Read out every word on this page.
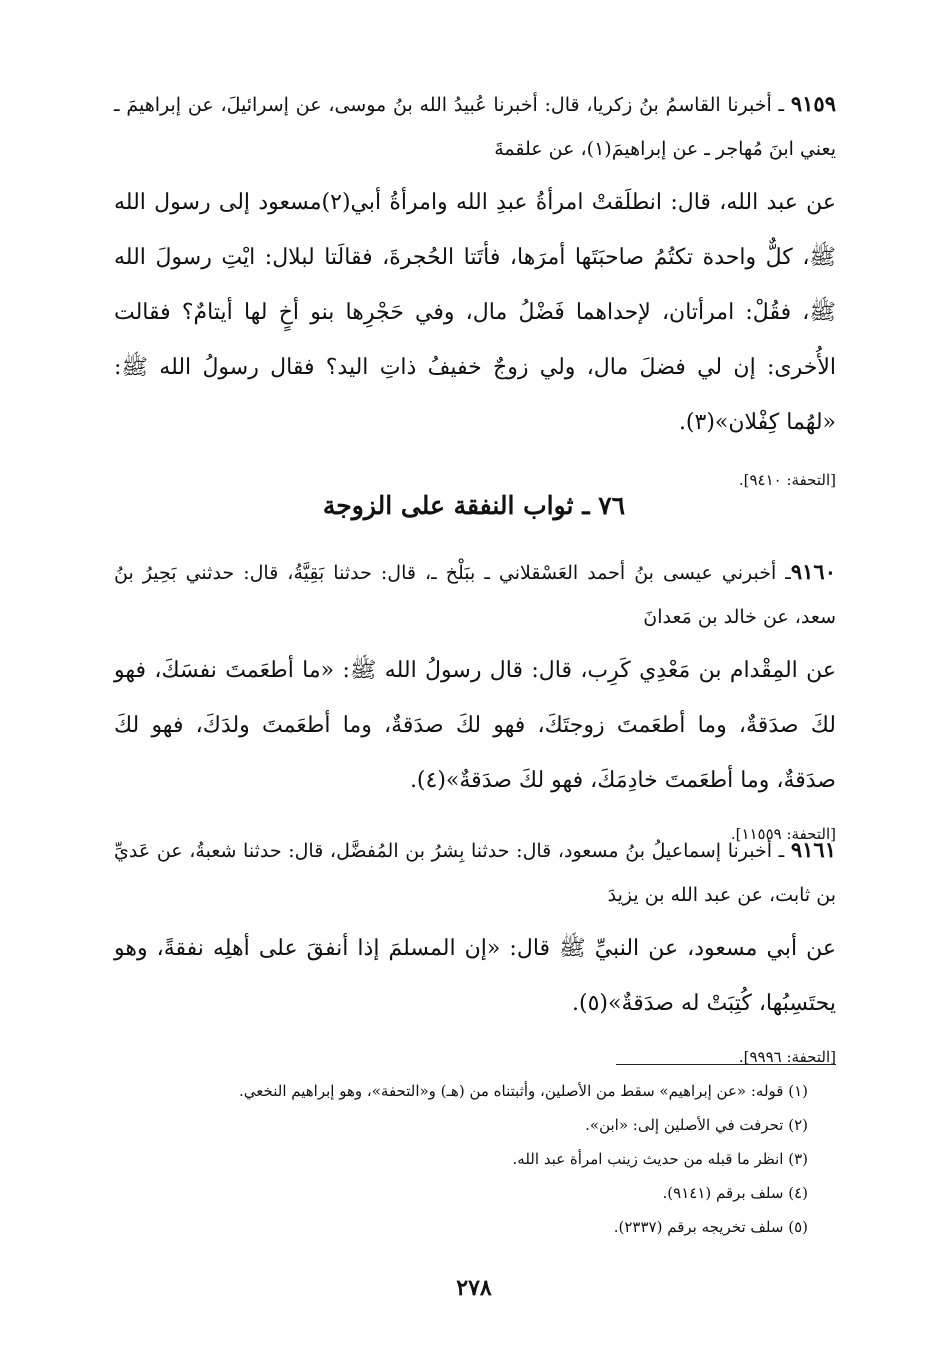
٩١٥٩ ـ أخبرنا القاسمُ بنُ زكريا، قال: أخبرنا عُبيدُ الله بنُ موسى، عن إسرائيلَ، عن إبراهيمَ ـ يعني ابنَ مُهاجر ـ عن إبراهيمَ(١)، عن علقمةَ
عن عبد الله، قال: انطلَقتْ امرأةُ عبدِ الله وامرأةُ أبي(٢)مسعود إلى رسول الله ﷺ، كلٌّ واحدة تكتُمُ صاحبَتَها أمرَها، فأتَتا الحُجرةَ، فقالَتا لبلال: ايْتِ رسولَ الله ﷺ، فقُلْ: امرأتان، لإحداهما فَضْلُ مال، وفي حَجْرِها بنو أخٍ لها أيتامٌ؟ فقالت الأُخرى: إن لي فضلَ مال، ولي زوجٌ خفيفُ ذاتِ اليد؟ فقال رسولُ الله ﷺ: «لهُما كِفْلان»(٣).
[التحفة: ٩٤١٠].
٧٦ ـ ثواب النفقة على الزوجة
٩١٦٠ـ أخبرني عيسى بنُ أحمد العَسْقلاني ـ ببَلْخ ـ، قال: حدثنا بَقِيَّةُ، قال: حدثني بَحِيرُ بنُ سعد، عن خالد بن مَعدانَ
عن المِقْدام بن مَعْدِي كَرِب، قال: قال رسولُ الله ﷺ: «ما أطعَمتَ نفسَكَ، فهو لكَ صدَقةٌ، وما أطعَمتَ زوجتَكَ، فهو لكَ صدَقةٌ، وما أطعَمتَ ولدَكَ، فهو لكَ صدَقةٌ، وما أطعَمتَ خادِمَكَ، فهو لكَ صدَقةٌ»(٤).
[التحفة: ١١٥٥٩].
٩١٦١ ـ أخبرنا إسماعيلُ بنُ مسعود، قال: حدثنا بِشرُ بن المُفضَّل، قال: حدثنا شعبةُ، عن عَديِّ بن ثابت، عن عبد الله بن يزيدَ
عن أبي مسعود، عن النبيِّ ﷺ قال: «إن المسلمَ إذا أنفقَ على أهلِه نفقةً، وهو يحتَسِبُها، كُتِبَتْ له صدَقةٌ»(٥).
[التحفة: ٩٩٩٦].
(١) قوله: «عن إبراهيم» سقط من الأصلين، وأثبتناه من (هـ) و«التحفة»، وهو إبراهيم النخعي.
(٢) تحرفت في الأصلين إلى: «ابن».
(٣) انظر ما قبله من حديث زينب امرأة عبد الله.
(٤) سلف برقم (٩١٤١).
(٥) سلف تخريجه برقم (٢٣٣٧).
٢٧٨
